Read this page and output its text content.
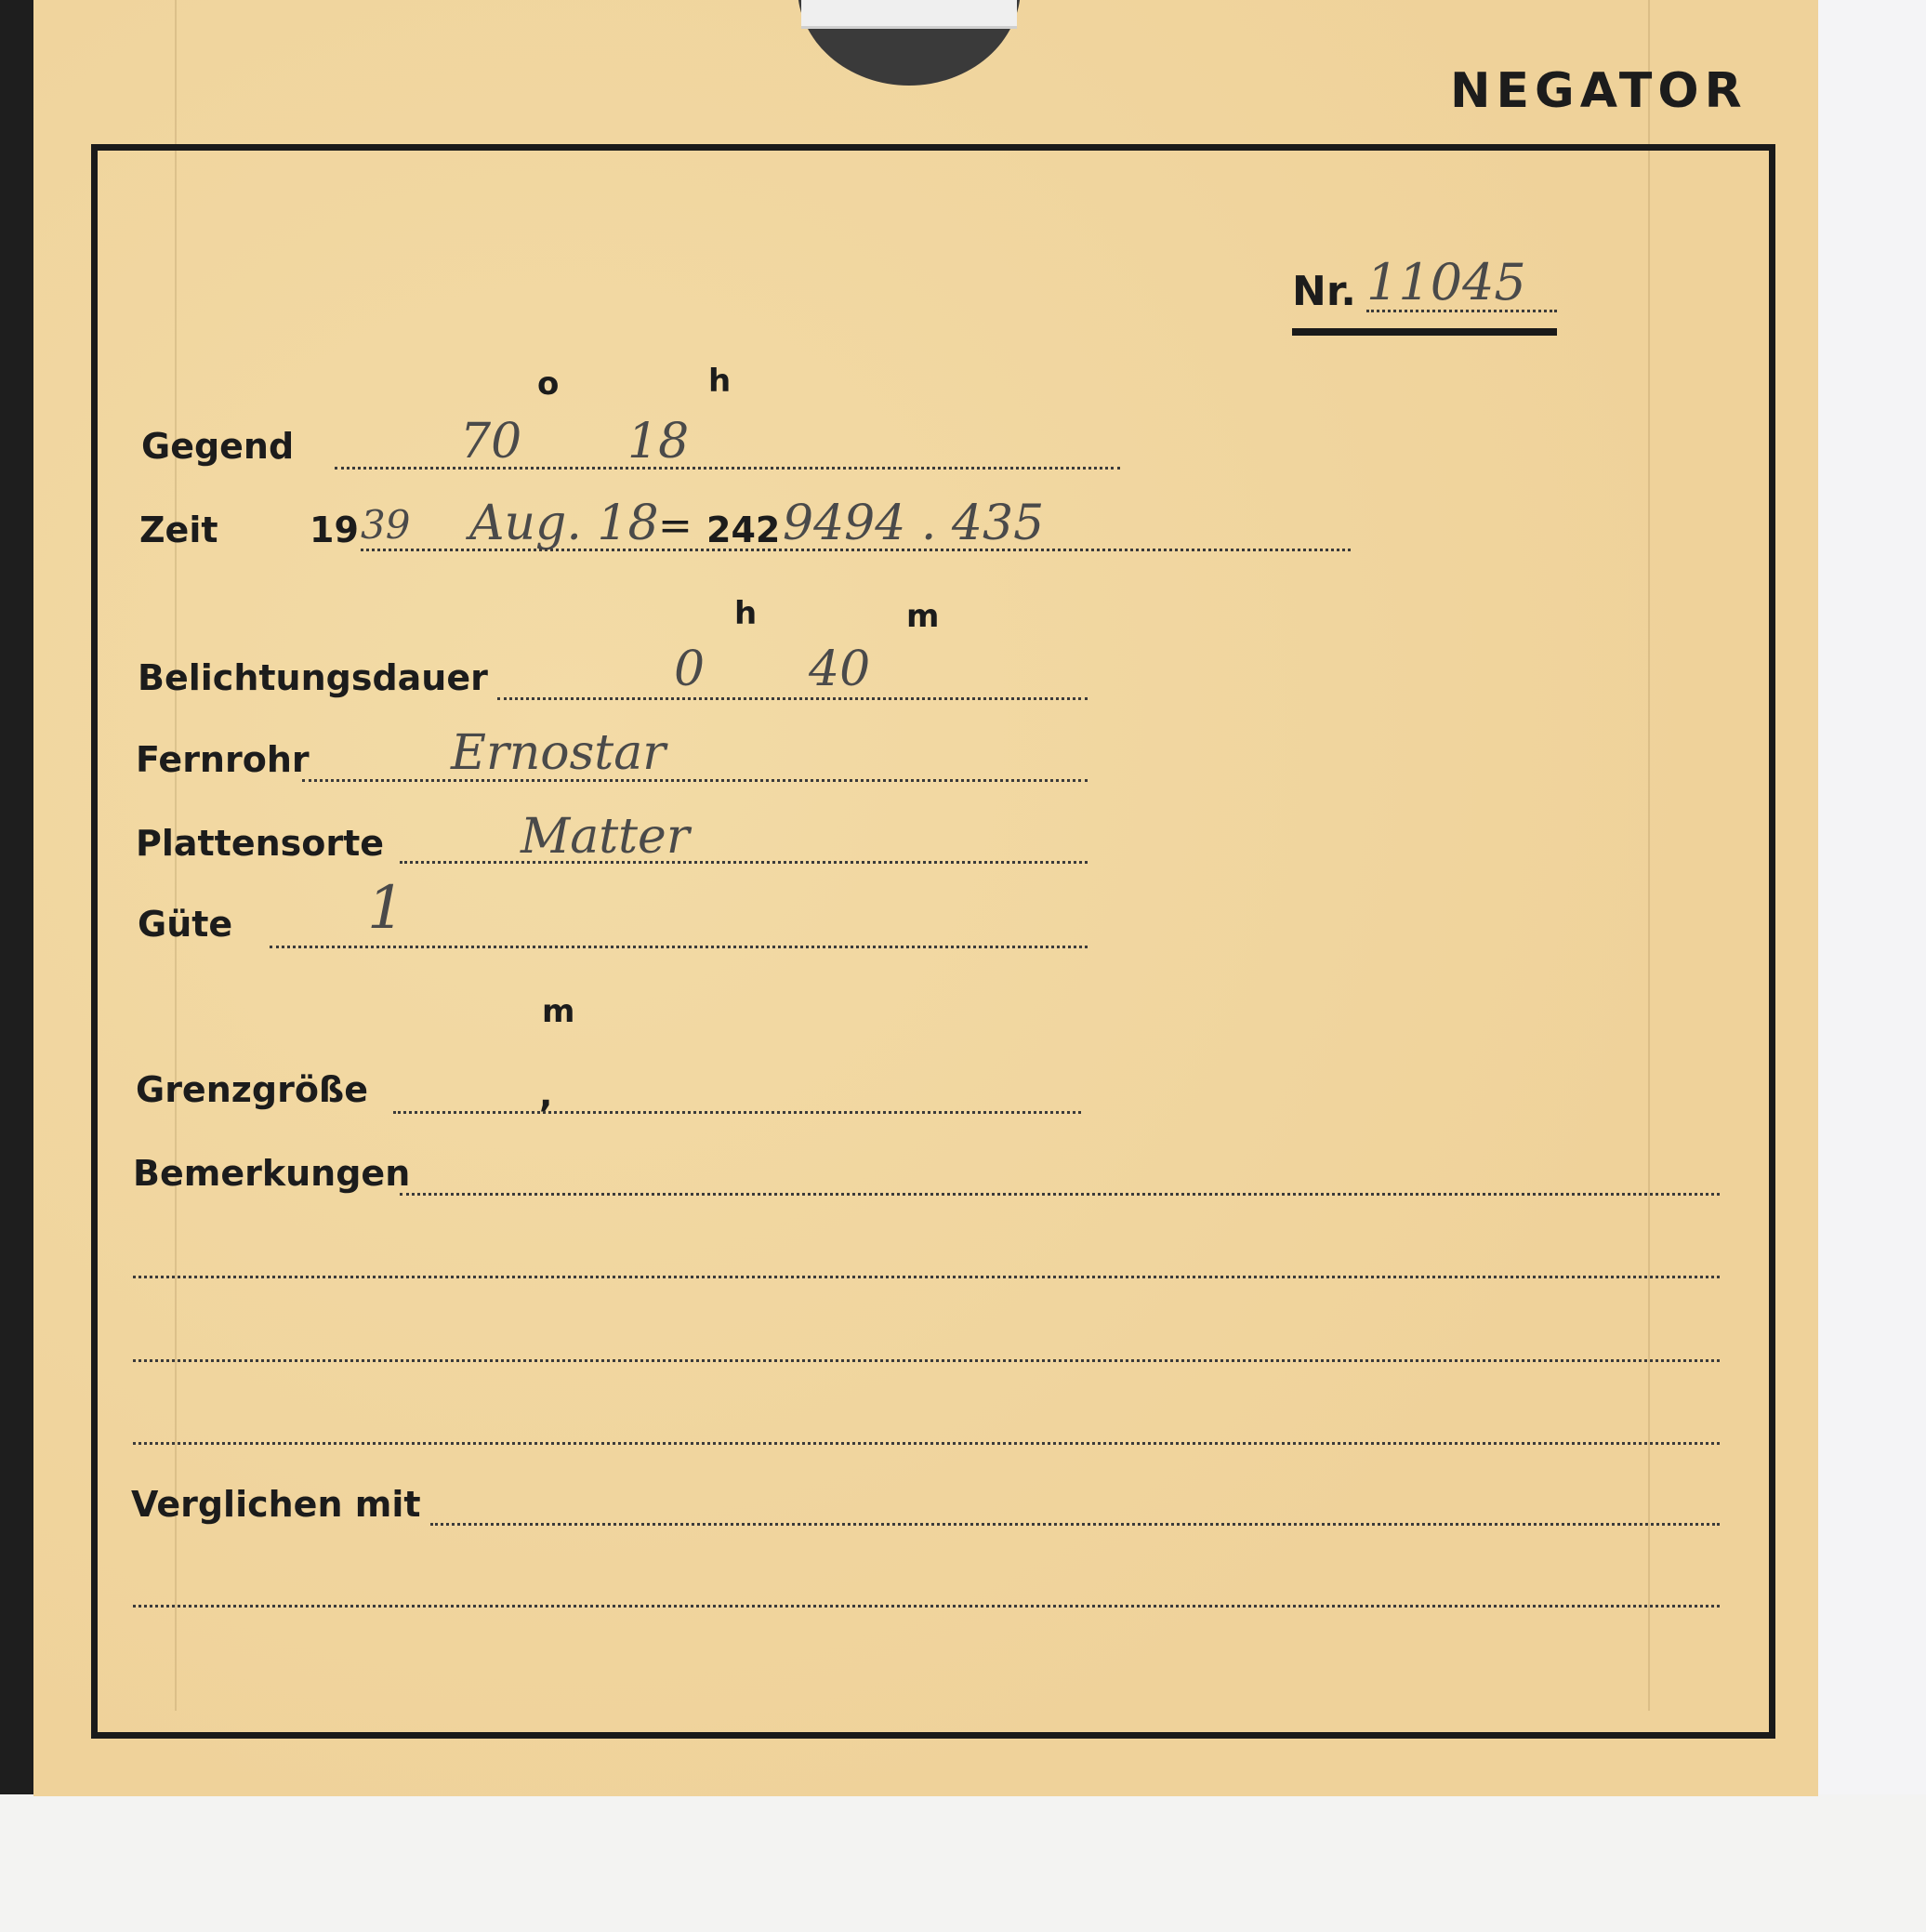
NEGATOR
Nr. 11045
o	h
Gegend	70 18
Zeit	19 39 Aug. 18 = 242 9494 . 435
h	m
Belichtungsdauer	0 40
Fernrohr	Ernostar
Plattensorte	Matter
Güte 1
m
Grenzgröße	,
Bemerkungen
Verglichen mit
